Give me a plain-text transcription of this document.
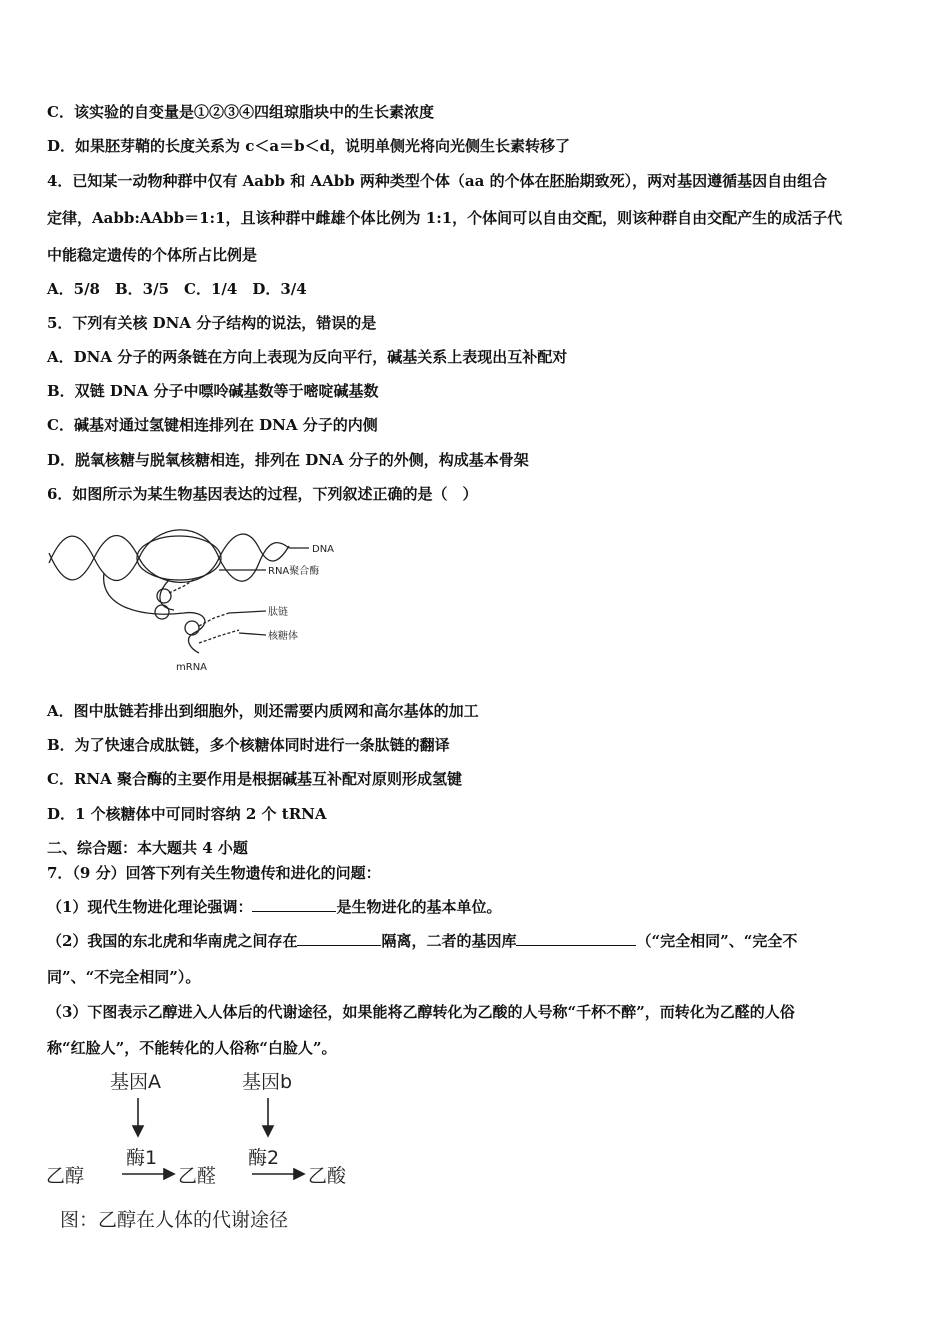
C．该实验的自变量是①②③④四组琼脂块中的生长素浓度
D．如果胚芽鞘的长度关系为 c＜a＝b＜d，说明单侧光将向光侧生长素转移了
4．已知某一动物种群中仅有 Aabb 和 AAbb 两种类型个体（aa 的个体在胚胎期致死），两对基因遵循基因自由组合
定律，Aabb:AAbb＝1:1，且该种群中雌雄个体比例为 1:1，个体间可以自由交配，则该种群自由交配产生的成活子代
中能稳定遗传的个体所占比例是
A．5/8　B．3/5　C．1/4　D．3/4
5．下列有关核 DNA 分子结构的说法，错误的是
A．DNA 分子的两条链在方向上表现为反向平行，碱基关系上表现出互补配对
B．双链 DNA 分子中嘌呤碱基数等于嘧啶碱基数
C．碱基对通过氢键相连排列在 DNA 分子的内侧
D．脱氧核糖与脱氧核糖相连，排列在 DNA 分子的外侧，构成基本骨架
6．如图所示为某生物基因表达的过程，下列叙述正确的是（　）
DNA
RNA聚合酶
肽链
核糖体
mRNA
A．图中肽链若排出到细胞外，则还需要内质网和高尔基体的加工
B．为了快速合成肽链，多个核糖体同时进行一条肽链的翻译
C．RNA 聚合酶的主要作用是根据碱基互补配对原则形成氢键
D．1 个核糖体中可同时容纳 2 个 tRNA
二、综合题：本大题共 4 小题
7．（9 分）回答下列有关生物遗传和进化的问题：
（1）现代生物进化理论强调：	是生物进化的基本单位。
（2）我国的东北虎和华南虎之间存在	隔离，二者的基因库	（“完全相同”、“完全不
同”、“不完全相同”）。
（3）下图表示乙醇进入人体后的代谢途径，如果能将乙醇转化为乙酸的人号称“千杯不醉”，而转化为乙醛的人俗
称“红脸人”，不能转化的人俗称“白脸人”。
基因A	基因b
酶1	酶2
乙醇	乙醛	乙酸
图：乙醇在人体的代谢途径
